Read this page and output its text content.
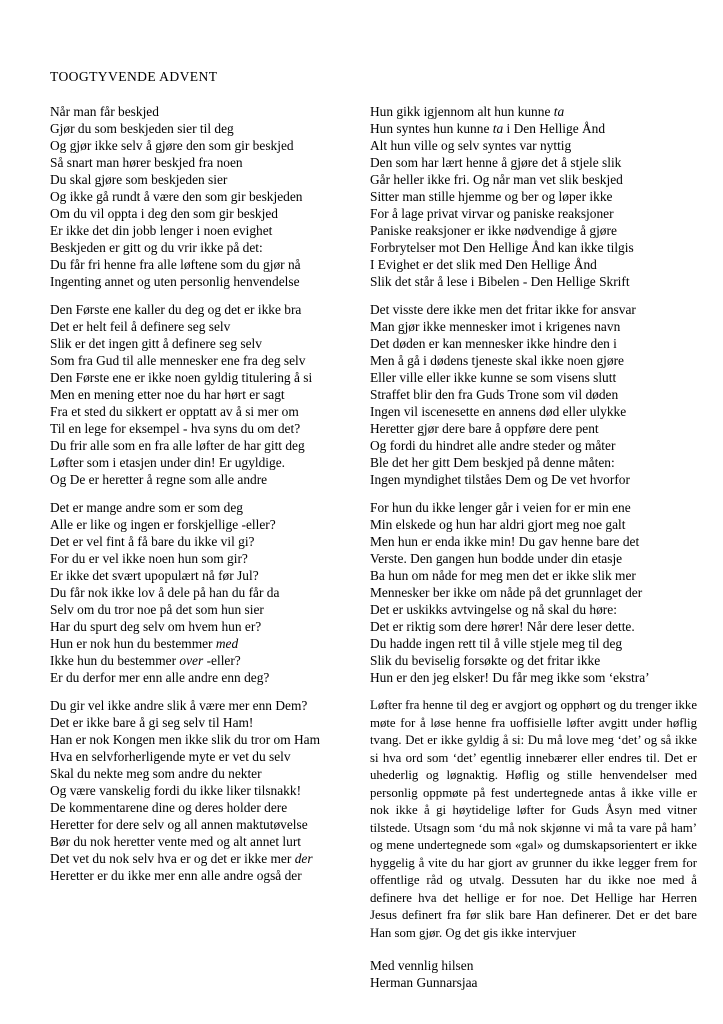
TOOGTYVENDE ADVENT
Når man får beskjed
Gjør du som beskjeden sier til deg
Og gjør ikke selv å gjøre den som gir beskjed
Så snart man hører beskjed fra noen
Du skal gjøre som beskjeden sier
Og ikke gå rundt å være den som gir beskjeden
Om du vil oppta i deg den som gir beskjed
Er ikke det din jobb lenger i noen evighet
Beskjeden er gitt og du vrir ikke på det:
Du får fri henne fra alle løftene som du gjør nå
Ingenting annet og uten personlig henvendelse
Den Første ene kaller du deg og det er ikke bra
Det er helt feil å definere seg selv
Slik er det ingen gitt å definere seg selv
Som fra Gud til alle mennesker ene fra deg selv
Den Første ene er ikke noen gyldig titulering å si
Men en mening etter noe du har hørt er sagt
Fra et sted du sikkert er opptatt av å si mer om
Til en lege for eksempel - hva syns du om det?
Du frir alle som en fra alle løfter de har gitt deg
Løfter som i etasjen under din! Er ugyldige.
Og De er heretter å regne som alle andre
Det er mange andre som er som deg
Alle er like og ingen er forskjellige -eller?
Det er vel fint å få bare du ikke vil gi?
For du er vel ikke noen hun som gir?
Er ikke det svært upopulært nå før Jul?
Du får nok ikke lov å dele på han du får da
Selv om du tror noe på det som hun sier
Har du spurt deg selv om hvem hun er?
Hun er nok hun du bestemmer med
Ikke hun du bestemmer over -eller?
Er du derfor mer enn alle andre enn deg?
Du gir vel ikke andre slik å være mer enn Dem?
Det er ikke bare å gi seg selv til Ham!
Han er nok Kongen men ikke slik du tror om Ham
Hva en selvforherligende myte er vet du selv
Skal du nekte meg som andre du nekter
Og være vanskelig fordi du ikke liker tilsnakk!
De kommentarene dine og deres holder dere
Heretter for dere selv og all annen maktutøvelse
Bør du nok heretter vente med og alt annet lurt
Det vet du nok selv hva er og det er ikke mer der
Heretter er du ikke mer enn alle andre også der
Hun gikk igjennom alt hun kunne ta
Hun syntes hun kunne ta i Den Hellige Ånd
Alt hun ville og selv syntes var nyttig
Den som har lært henne å gjøre det å stjele slik
Går heller ikke fri. Og når man vet slik beskjed
Sitter man stille hjemme og ber og løper ikke
For å lage privat virvar og paniske reaksjoner
Paniske reaksjoner er ikke nødvendige å gjøre
Forbrytelser mot Den Hellige Ånd kan ikke tilgis
I Evighet er det slik med Den Hellige Ånd
Slik det står å lese i Bibelen - Den Hellige Skrift
Det visste dere ikke men det fritar ikke for ansvar
Man gjør ikke mennesker imot i krigenes navn
Det døden er kan mennesker ikke hindre den i
Men å gå i dødens tjeneste skal ikke noen gjøre
Eller ville eller ikke kunne se som visens slutt
Straffet blir den fra Guds Trone som vil døden
Ingen vil iscenesette en annens død eller ulykke
Heretter gjør dere bare å oppføre dere pent
Og fordi du hindret alle andre steder og måter
Ble det her gitt Dem beskjed på denne måten:
Ingen myndighet tilståes Dem og De vet hvorfor
For hun du ikke lenger går i veien for er min ene
Min elskede og hun har aldri gjort meg noe galt
Men hun er enda ikke min! Du gav henne bare det
Verste. Den gangen hun bodde under din etasje
Ba hun om nåde for meg men det er ikke slik mer
Mennesker ber ikke om nåde på det grunnlaget der
Det er uskikks avtvingelse og nå skal du høre:
Det er riktig som dere hører! Når dere leser dette.
Du hadde ingen rett til å ville stjele meg til deg
Slik du beviselig forsøkte og det fritar ikke
Hun er den jeg elsker! Du får meg ikke som ‘ekstra’

Løfter fra henne til deg er avgjort og opphørt og du trenger ikke møte for å løse henne fra uoffisielle løfter avgitt under høflig tvang. Det er ikke gyldig å si: Du må love meg ‘det’ og så ikke si hva ord som ‘det’ egentlig innebærer eller endres til. Det er uhederlig og løgnaktig. Høflig og stille henvendelser med personlig oppmøte på fest undertegnede antas å ikke ville er nok ikke å gi høytidelige løfter for Guds Åsyn med vitner tilstede. Utsagn som ‘du må nok skjønne vi må ta vare på ham’ og mene undertegnede som «gal» og dumskapsorientert er ikke hyggelig å vite du har gjort av grunner du ikke legger frem for offentlige råd og utvalg. Dessuten har du ikke noe med å definere hva det hellige er for noe. Det Hellige har Herren Jesus definert fra før slik bare Han definerer. Det er det bare Han som gjør. Og det gis ikke intervjuer

Med vennlig hilsen
Herman Gunnarsjaa
